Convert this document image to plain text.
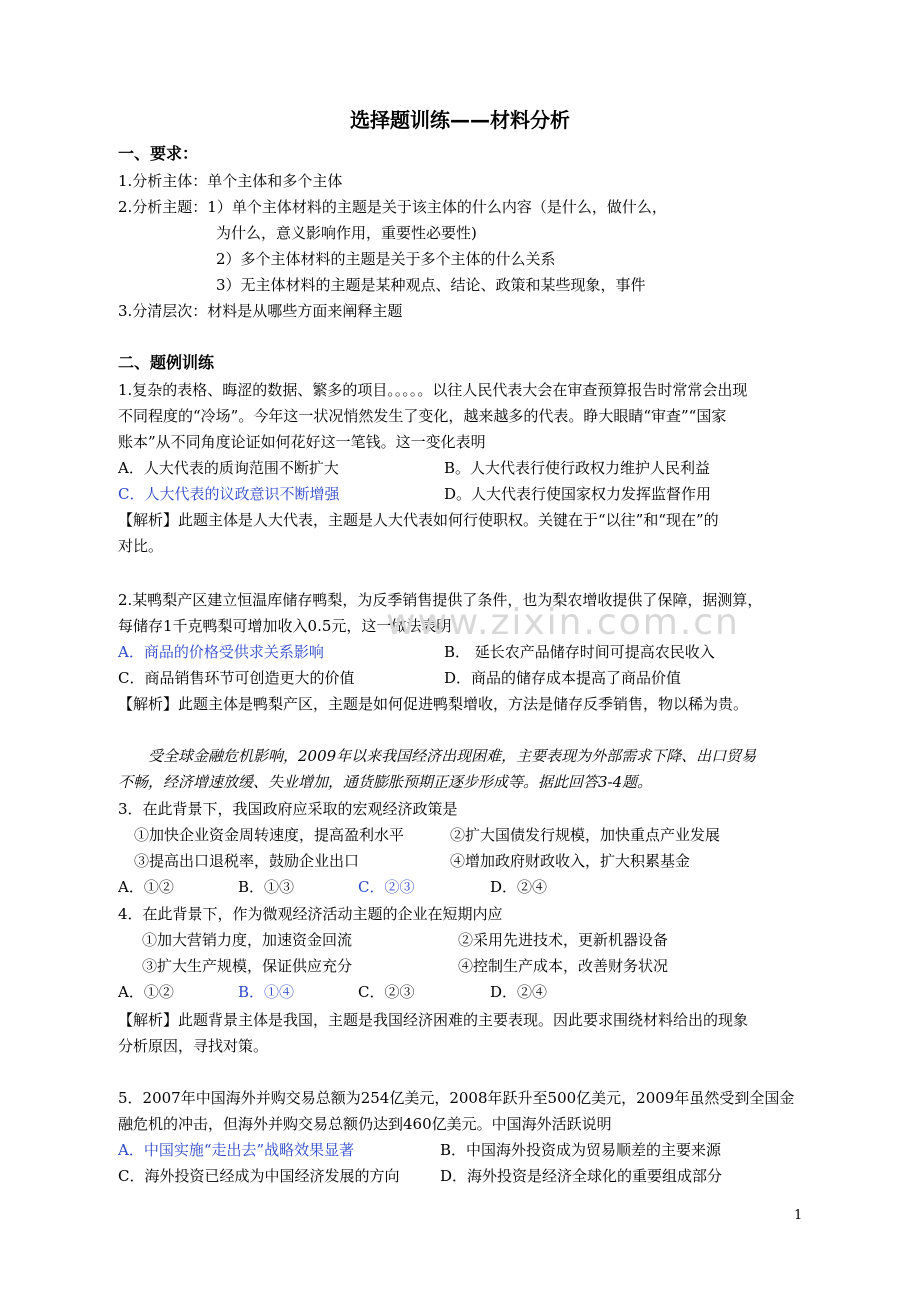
选择题训练——材料分析
一、要求：
1.分析主体：单个主体和多个主体
2.分析主题：1）单个主体材料的主题是关于该主体的什么内容（是什么，做什么，
为什么，意义影响作用，重要性必要性)
2）多个主体材料的主题是关于多个主体的什么关系
3）无主体材料的主题是某种观点、结论、政策和某些现象，事件
3.分清层次：材料是从哪些方面来阐释主题
二、题例训练
1.复杂的表格、晦涩的数据、繁多的项目。。。。。以往人民代表大会在审查预算报告时常常会出现
不同程度的“冷场”。今年这一状况悄然发生了变化，越来越多的代表。睁大眼睛“审查”“国家
账本”从不同角度论证如何花好这一笔钱。这一变化表明
A．人大代表的质询范围不断扩大	B。人大代表行使行政权力维护人民利益
C．人大代表的议政意识不断增强	D。人大代表行使国家权力发挥监督作用
【解析】此题主体是人大代表，主题是人大代表如何行使职权。关键在于“以往”和“现在”的
对比。
2.某鸭梨产区建立恒温库储存鸭梨，为反季销售提供了条件，也为梨农增收提供了保障，据测算，
每储存1千克鸭梨可增加收入0.5元，这一做法表明
A．商品的价格受供求关系影响	B． 延长农产品储存时间可提高农民收入
C．商品销售环节可创造更大的价值	D．商品的储存成本提高了商品价值
【解析】此题主体是鸭梨产区，主题是如何促进鸭梨增收，方法是储存反季销售，物以稀为贵。
受全球金融危机影响，2009年以来我国经济出现困难，主要表现为外部需求下降、出口贸易
不畅，经济增速放缓、失业增加，通货膨胀预期正逐步形成等。据此回答3-4题。
3．在此背景下，我国政府应采取的宏观经济政策是
①加快企业资金周转速度，提高盈利水平	②扩大国债发行规模，加快重点产业发展
③提高出口退税率，鼓励企业出口	④增加政府财政收入，扩大积累基金
A．①②	B．①③	C．②③	D．②④
4．在此背景下，作为微观经济活动主题的企业在短期内应
①加大营销力度，加速资金回流	②采用先进技术，更新机器设备
③扩大生产规模，保证供应充分	④控制生产成本，改善财务状况
A．①②	B．①④	C．②③	D．②④
【解析】此题背景主体是我国，主题是我国经济困难的主要表现。因此要求围绕材料给出的现象
分析原因，寻找对策。
5．2007年中国海外并购交易总额为254亿美元，2008年跃升至500亿美元，2009年虽然受到全国金
融危机的冲击，但海外并购交易总额仍达到460亿美元。中国海外活跃说明
A．中国实施“走出去”战略效果显著	B．中国海外投资成为贸易顺差的主要来源
C．海外投资已经成为中国经济发展的方向	D．海外投资是经济全球化的重要组成部分
www.zixin.com.cn
1
